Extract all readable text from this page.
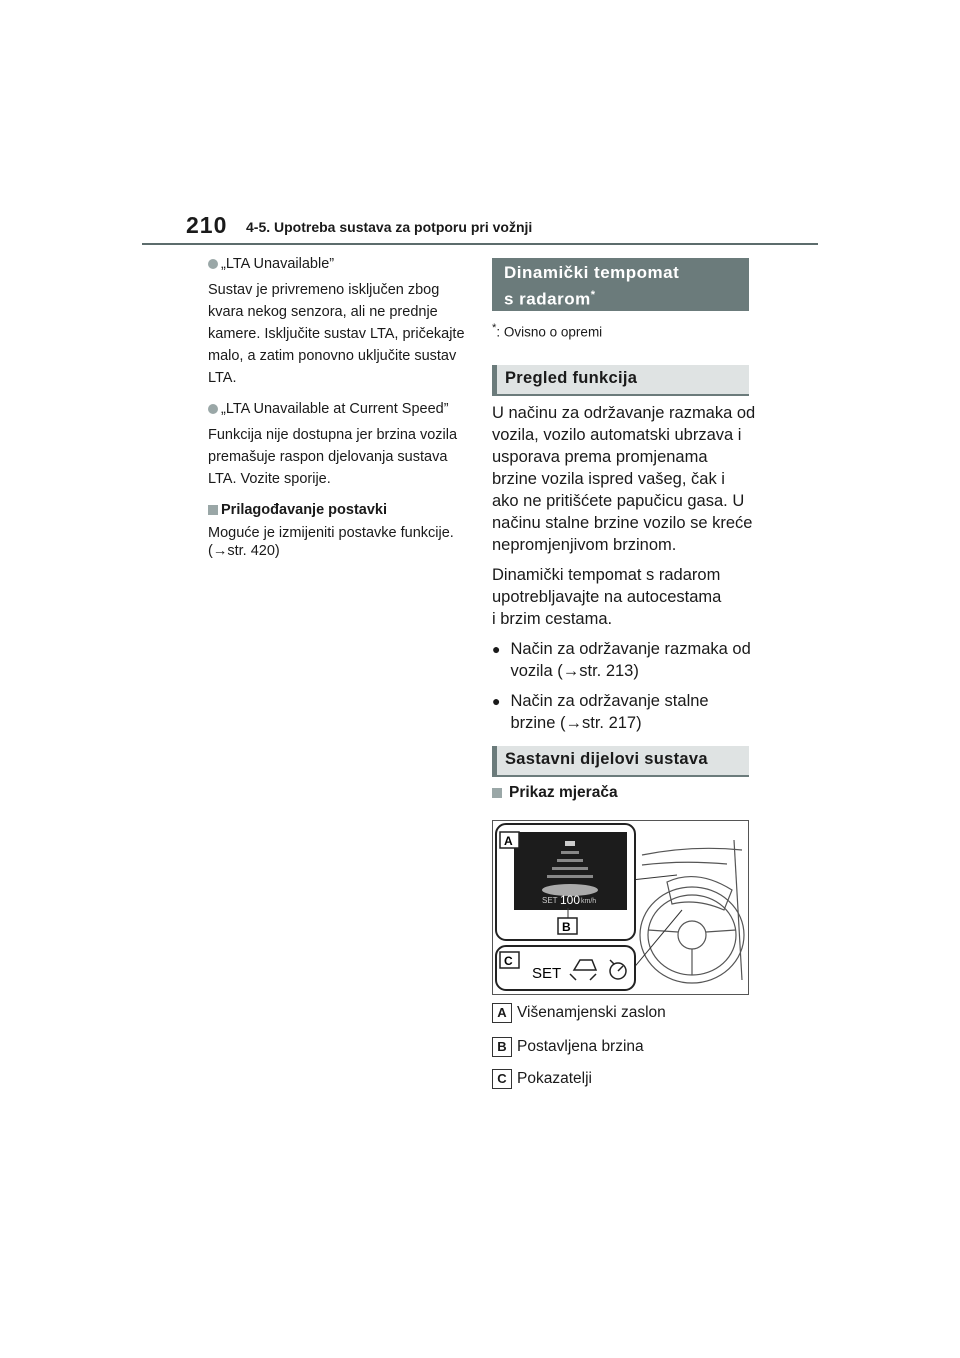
210 4-5. Upotreba sustava za potporu pri vožnji
„LTA Unavailable”

Sustav je privremeno isključen zbog kvara nekog senzora, ali ne prednje kamere. Isključite sustav LTA, pričekajte malo, a zatim ponovno uključite sustav LTA.

„LTA Unavailable at Current Speed”

Funkcija nije dostupna jer brzina vozila premašuje raspon djelovanja sustava LTA. Vozite sporije.

Prilagođavanje postavki

Moguće je izmijeniti postavke funkcije. (→str. 420)

Dinamički tempomat
s radarom*
*: Ovisno o opremi
Pregled funkcija

U načinu za održavanje razmaka od vozila, vozilo automatski ubrzava i usporava prema promjenama brzine vozila ispred vašeg, čak i ako ne pritišćete papučicu gasa. U načinu stalne brzine vozilo se kreće nepromjenjivom brzinom.

Dinamički tempomat s radarom upotrebljavajte na autocestama i brzim cestama.

● Način za održavanje razmaka od vozila (→str. 213)
● Način za održavanje stalne brzine (→str. 217)
Sastavni dijelovi sustava
Prikaz mjerača
SET 100 km/h
A
B
C
SET
A Višenamjenski zaslon
B Postavljena brzina
C Pokazatelji
